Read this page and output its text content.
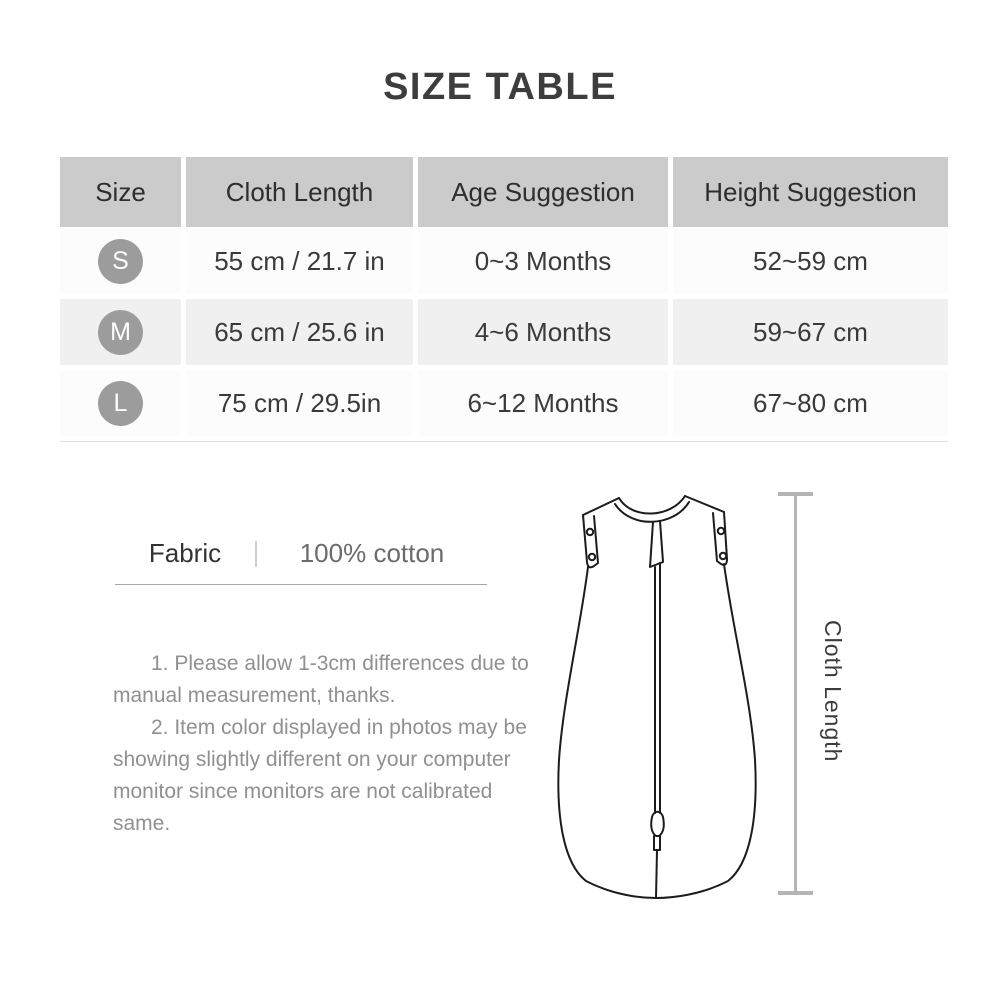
SIZE TABLE
Size	Cloth Length	Age Suggestion	Height Suggestion
S	55 cm / 21.7 in	0~3 Months	52~59 cm
M	65 cm / 25.6 in	4~6 Months	59~67 cm
L	75 cm / 29.5in	6~12 Months	67~80 cm
Fabric	100% cotton

1. Please allow 1-3cm differences due to manual measurement, thanks.

2. Item color displayed in photos may be showing slightly different on your computer monitor since monitors are not calibrated same.

Cloth Length
